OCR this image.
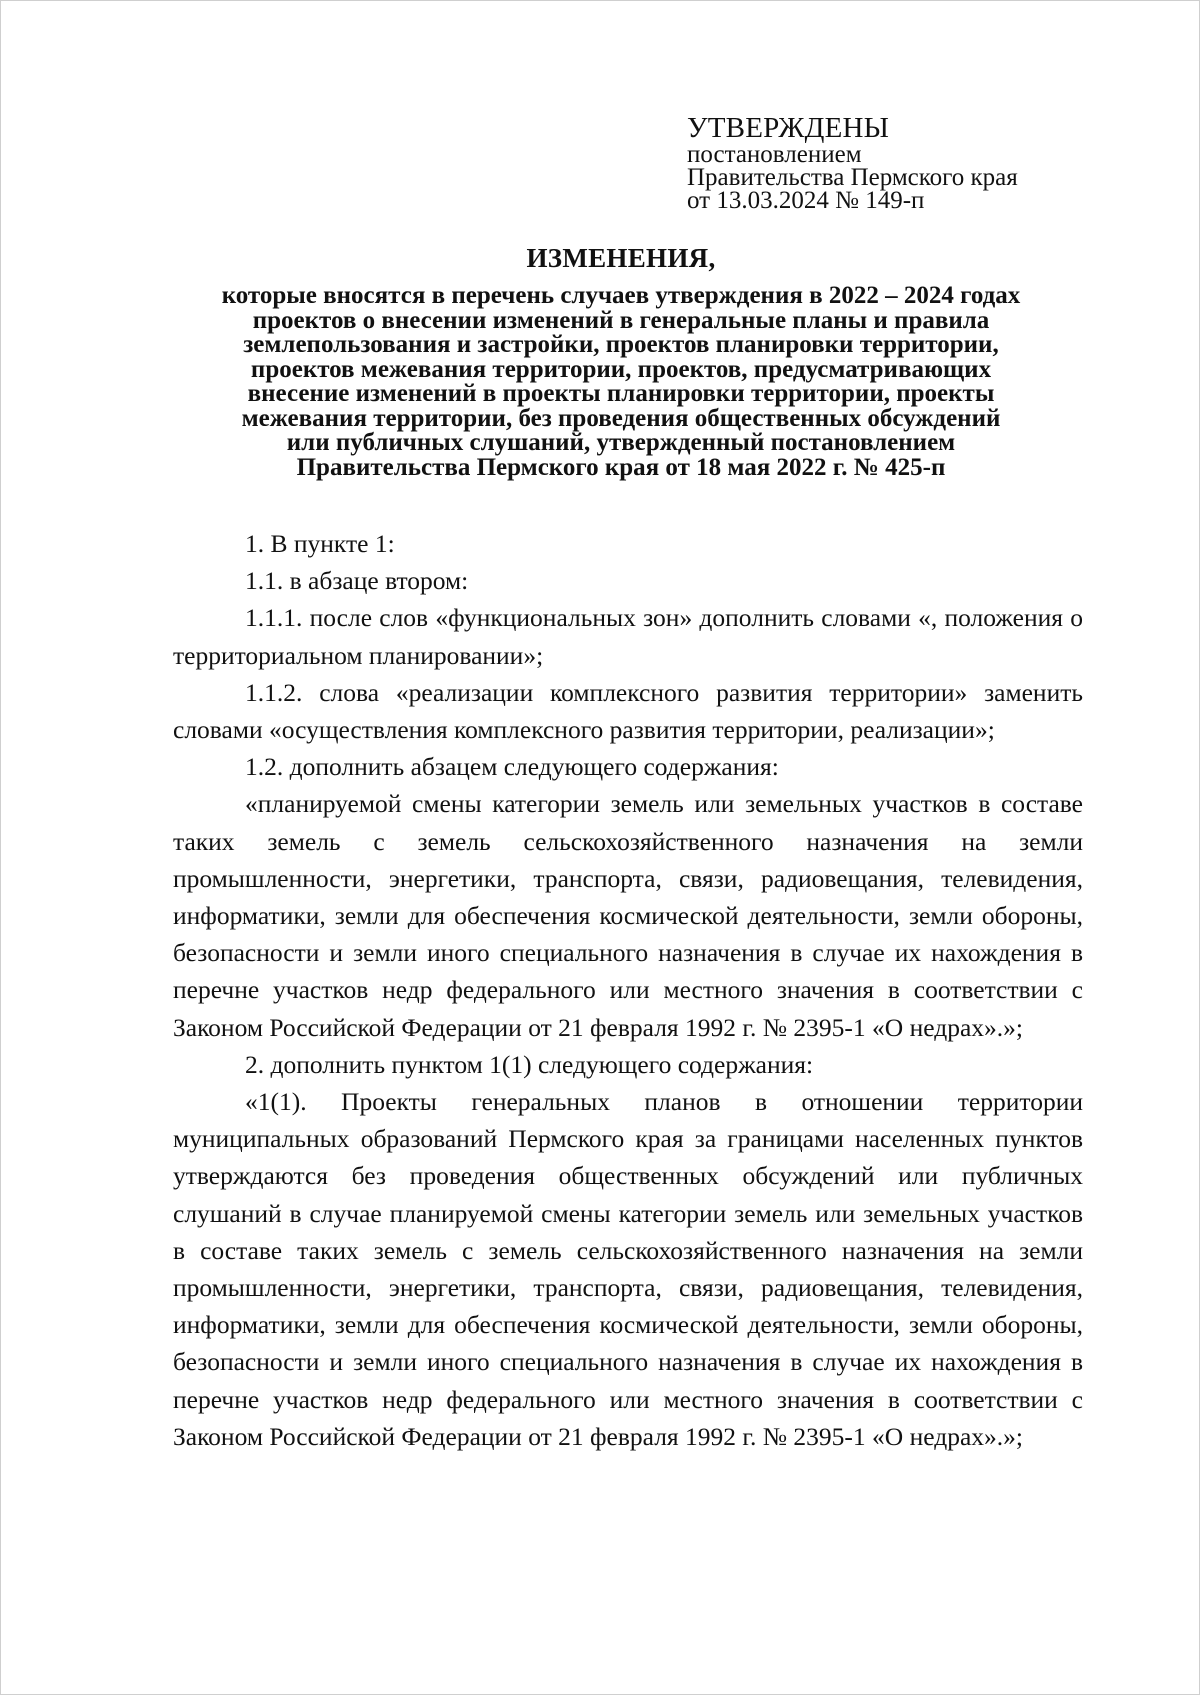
УТВЕРЖДЕНЫ
постановлением
Правительства Пермского края
от 13.03.2024 № 149-п
ИЗМЕНЕНИЯ,
которые вносятся в перечень случаев утверждения в 2022 – 2024 годах
проектов о внесении изменений в генеральные планы и правила
землепользования и застройки, проектов планировки территории,
проектов межевания территории, проектов, предусматривающих
внесение изменений в проекты планировки территории, проекты
межевания территории, без проведения общественных обсуждений
или публичных слушаний, утвержденный постановлением
Правительства Пермского края от 18 мая 2022 г. № 425-п

1. В пункте 1:

1.1. в абзаце втором:

1.1.1. после слов «функциональных зон» дополнить словами «, положения о территориальном планировании»;

1.1.2. слова «реализации комплексного развития территории» заменить словами «осуществления комплексного развития территории, реализации»;

1.2. дополнить абзацем следующего содержания:

«планируемой смены категории земель или земельных участков в составе таких земель с земель сельскохозяйственного назначения на земли промышленности, энергетики, транспорта, связи, радиовещания, телевидения, информатики, земли для обеспечения космической деятельности, земли обороны, безопасности и земли иного специального назначения в случае их нахождения в перечне участков недр федерального или местного значения в соответствии с Законом Российской Федерации от 21 февраля 1992 г. № 2395-1 «О недрах».»;

2. дополнить пунктом 1(1) следующего содержания:

«1(1). Проекты генеральных планов в отношении территории муниципальных образований Пермского края за границами населенных пунктов утверждаются без проведения общественных обсуждений или публичных слушаний в случае планируемой смены категории земель или земельных участков в составе таких земель с земель сельскохозяйственного назначения на земли промышленности, энергетики, транспорта, связи, радиовещания, телевидения, информатики, земли для обеспечения космической деятельности, земли обороны, безопасности и земли иного специального назначения в случае их нахождения в перечне участков недр федерального или местного значения в соответствии с Законом Российской Федерации от 21 февраля 1992 г. № 2395-1 «О недрах».»;
